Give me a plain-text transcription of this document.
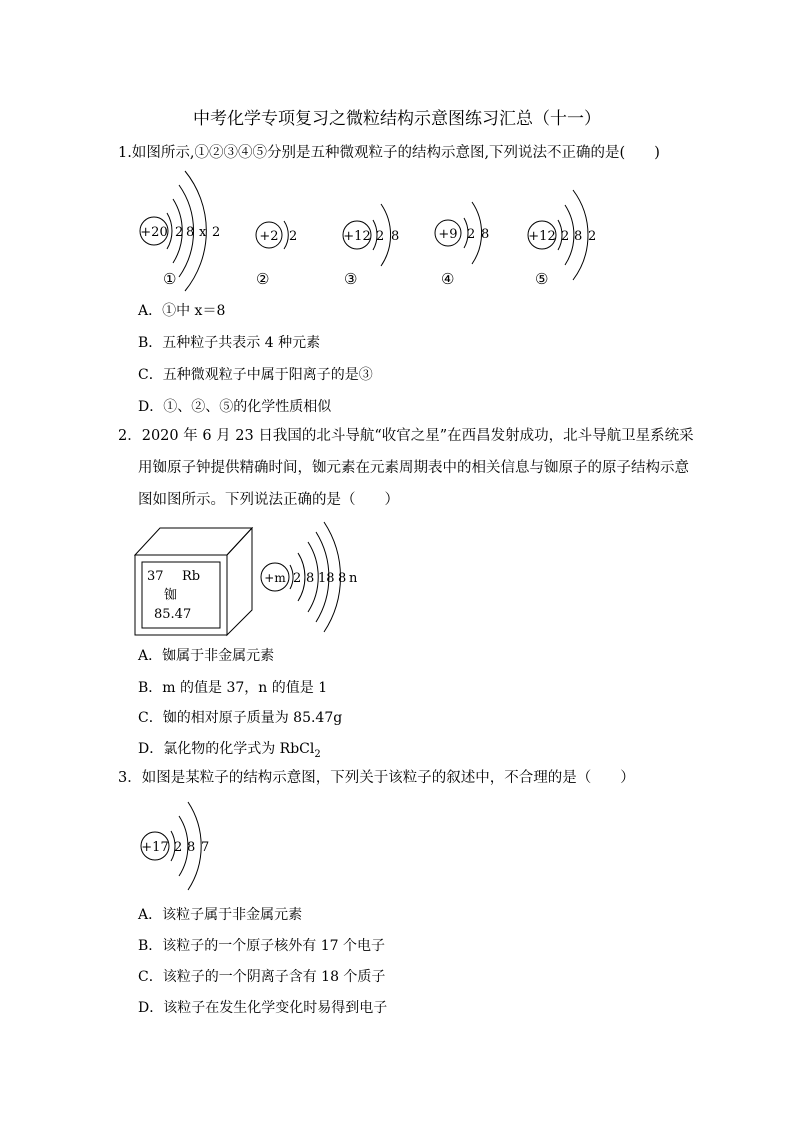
中考化学专项复习之微粒结构示意图练习汇总（十一）
1.如图所示,①②③④⑤分别是五种微观粒子的结构示意图,下列说法不正确的是(　　)
+20 2 8 x 2
①
+2 2
②
+12 2 8
③
+9 2 8
④
+12 2 8 2
⑤
A．①中 x＝8
B．五种粒子共表示 4 种元素
C．五种微观粒子中属于阳离子的是③
D．①、②、⑤的化学性质相似
2．2020 年 6 月 23 日我国的北斗导航“收官之星”在西昌发射成功，北斗导航卫星系统采
用铷原子钟提供精确时间，铷元素在元素周期表中的相关信息与铷原子的原子结构示意
图如图所示。下列说法正确的是（　　）
37 Rb
铷
85.47
+m 2 8 18 8 n
A．铷属于非金属元素
B．m 的值是 37，n 的值是 1
C．铷的相对原子质量为 85.47g
D．氯化物的化学式为 RbCl$_2$
3．如图是某粒子的结构示意图，下列关于该粒子的叙述中，不合理的是（　　）
+17 2 8 7
A．该粒子属于非金属元素
B．该粒子的一个原子核外有 17 个电子
C．该粒子的一个阴离子含有 18 个质子
D．该粒子在发生化学变化时易得到电子
